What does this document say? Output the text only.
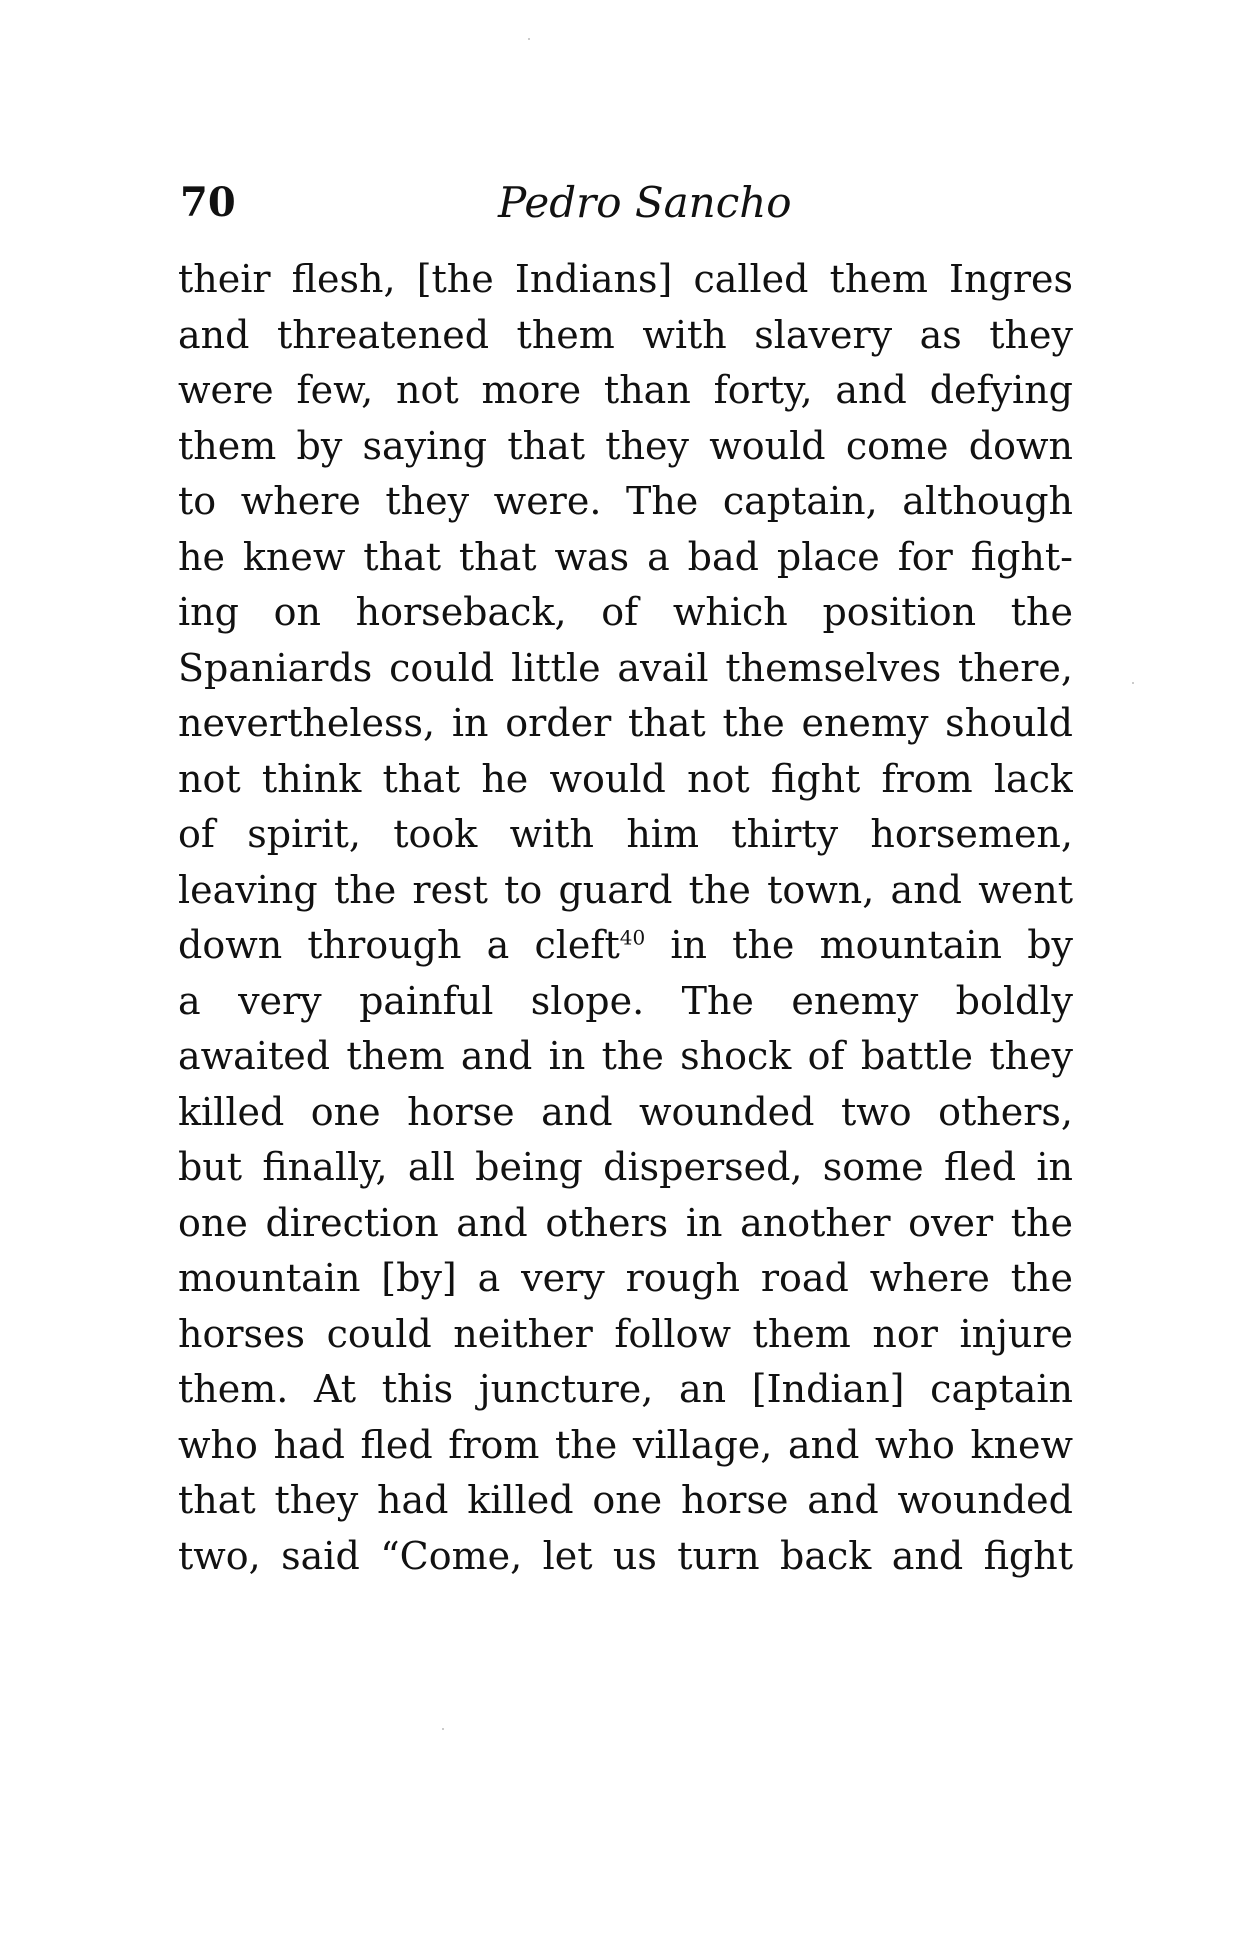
70	Pedro Sancho
their flesh, [the Indians] called them Ingres
and threatened them with slavery as they
were few, not more than forty, and defying
them by saying that they would come down
to where they were. The captain, although
he knew that that was a bad place for fight-
ing on horseback, of which position the
Spaniards could little avail themselves there,
nevertheless, in order that the enemy should
not think that he would not fight from lack
of spirit, took with him thirty horsemen,
leaving the rest to guard the town, and went
down through a cleft$^{40}$ in the mountain by
a very painful slope. The enemy boldly
awaited them and in the shock of battle they
killed one horse and wounded two others,
but finally, all being dispersed, some fled in
one direction and others in another over the
mountain [by] a very rough road where the
horses could neither follow them nor injure
them. At this juncture, an [Indian] captain
who had fled from the village, and who knew
that they had killed one horse and wounded
two, said “Come, let us turn back and fight
